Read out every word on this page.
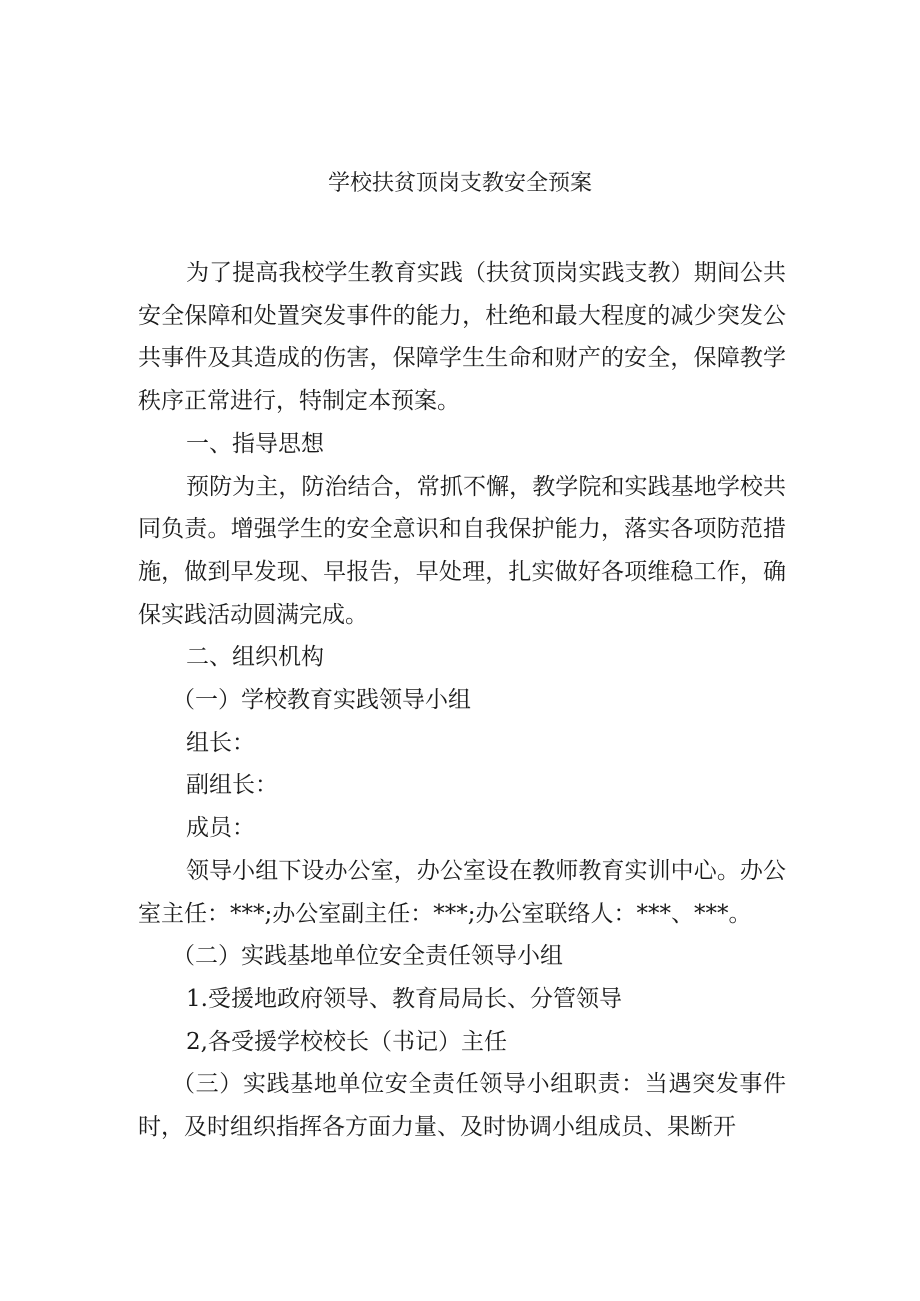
学校扶贫顶岗支教安全预案

为了提高我校学生教育实践（扶贫顶岗实践支教）期间公共安全保障和处置突发事件的能力，杜绝和最大程度的减少突发公共事件及其造成的伤害，保障学生生命和财产的安全，保障教学秩序正常进行，特制定本预案。

一、指导思想

预防为主，防治结合，常抓不懈，教学院和实践基地学校共同负责。增强学生的安全意识和自我保护能力，落实各项防范措施，做到早发现、早报告，早处理，扎实做好各项维稳工作，确保实践活动圆满完成。

二、组织机构

（一）学校教育实践领导小组

组长：

副组长：

成员：

领导小组下设办公室，办公室设在教师教育实训中心。办公室主任：***;办公室副主任：***;办公室联络人：***、***。

（二）实践基地单位安全责任领导小组

1.受援地政府领导、教育局局长、分管领导

2,各受援学校校长（书记）主任

（三）实践基地单位安全责任领导小组职责：当遇突发事件时，及时组织指挥各方面力量、及时协调小组成员、果断开
